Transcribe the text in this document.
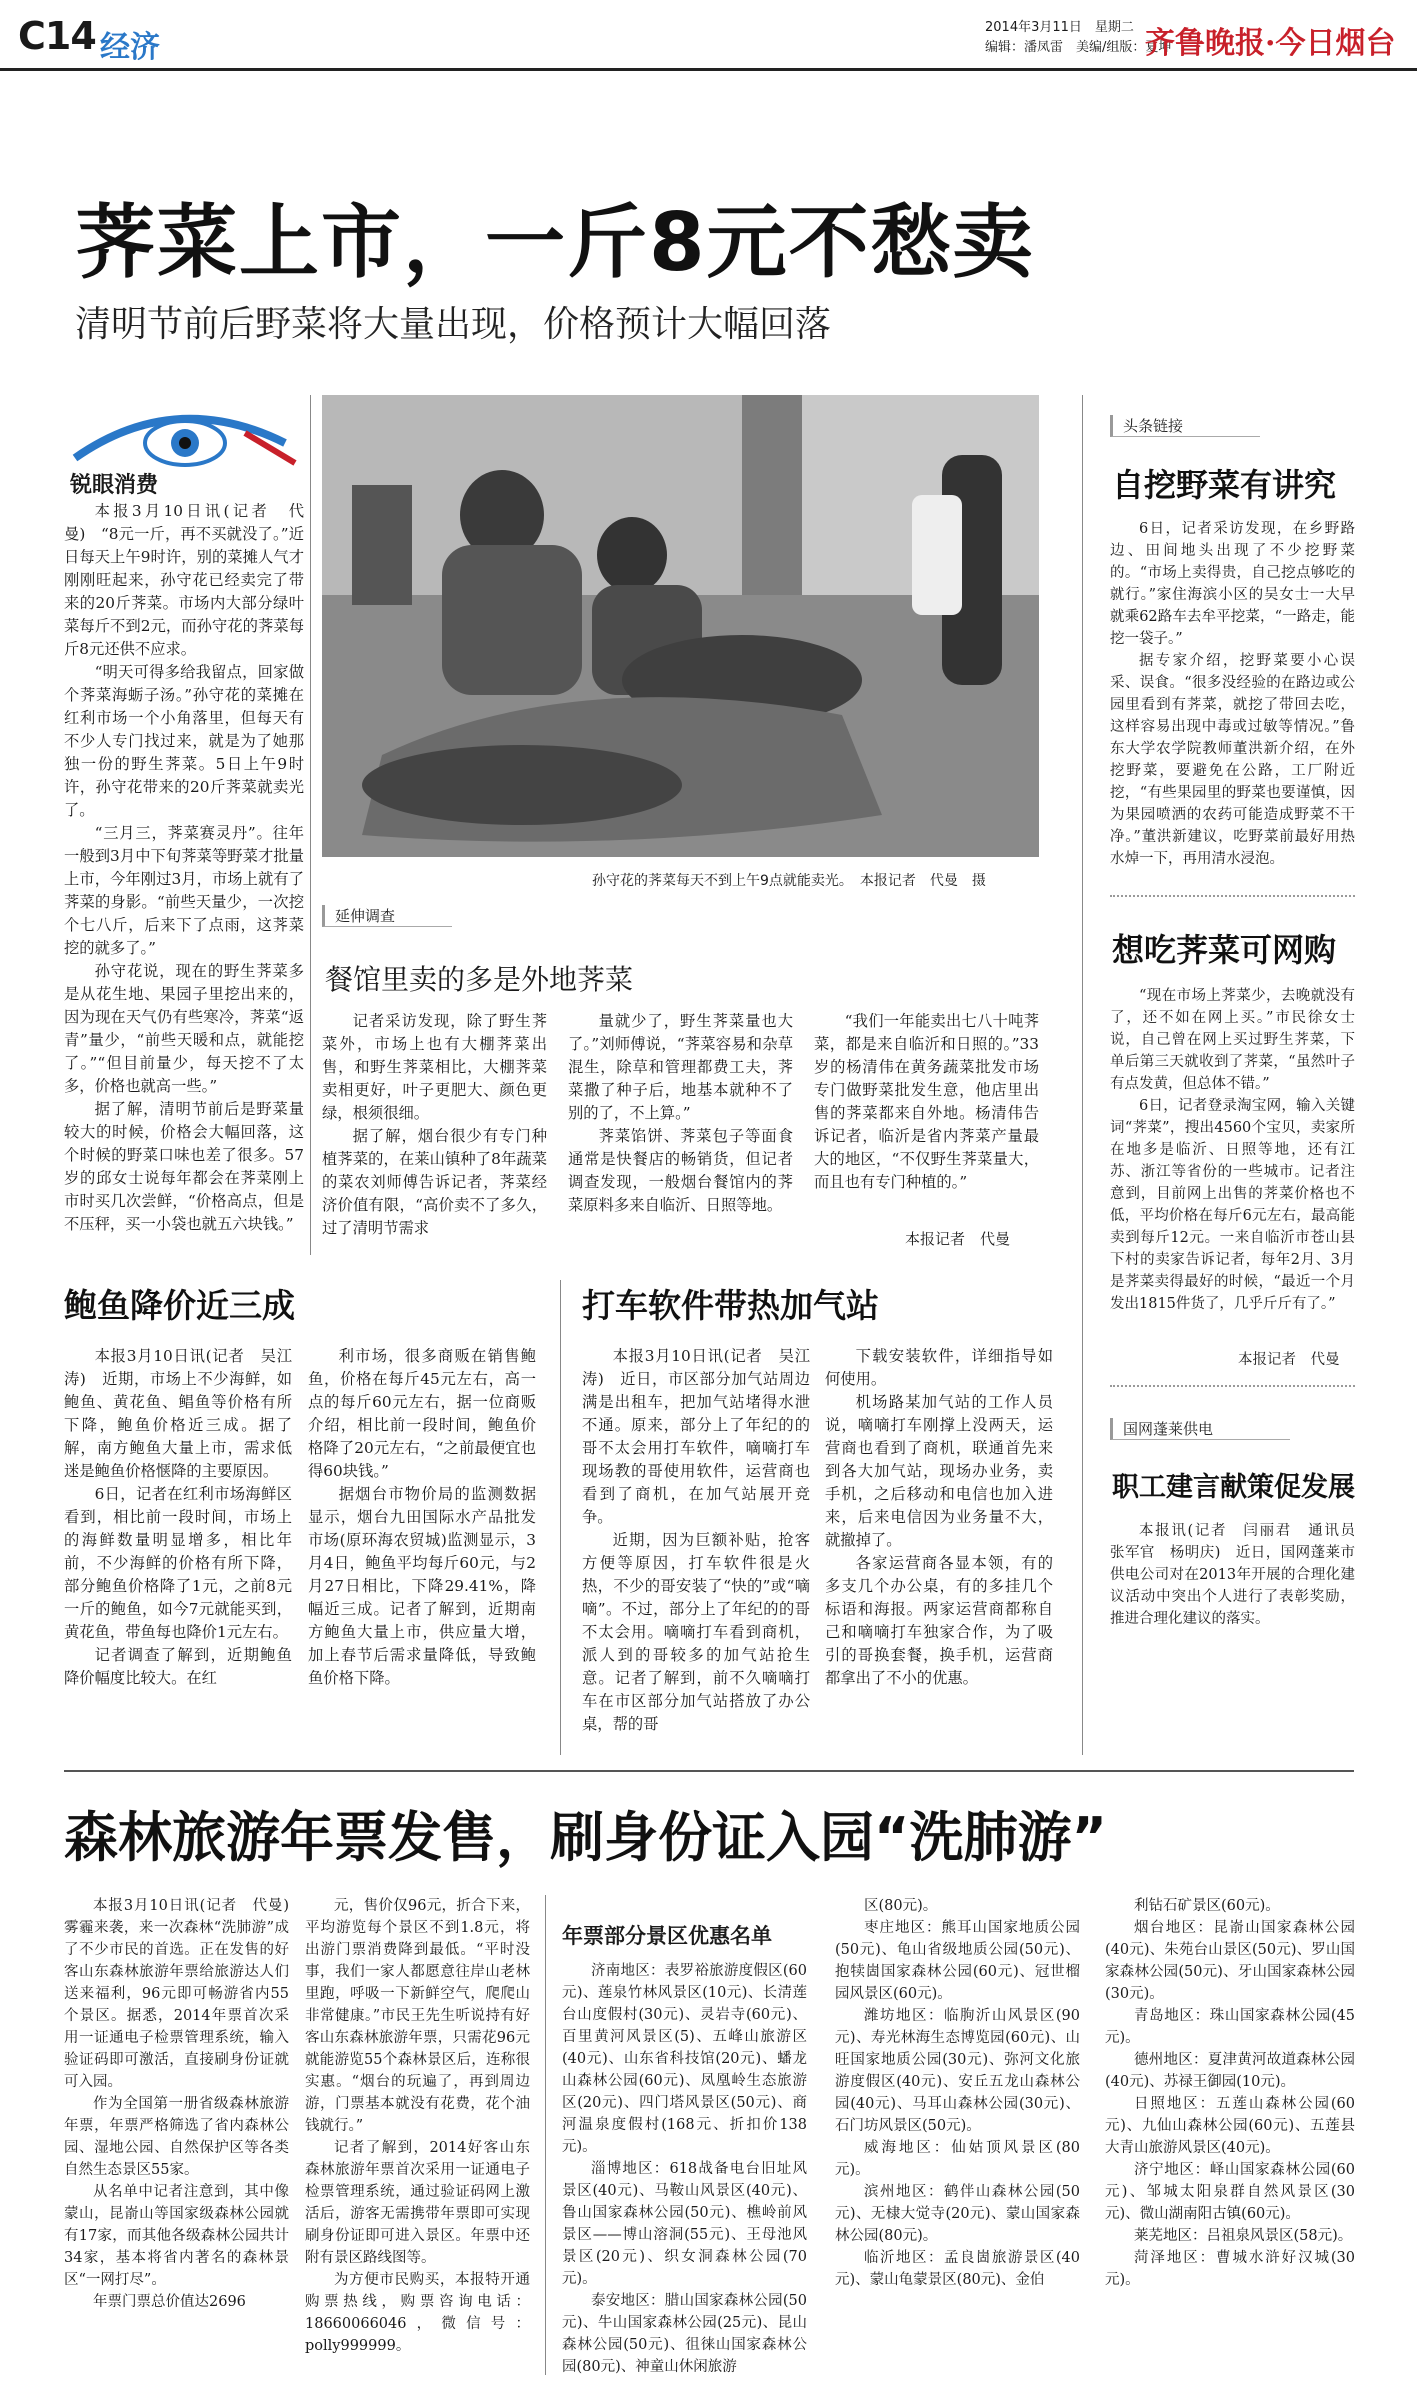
C14 经济
2014年3月11日　星期二
编辑：潘凤雷　美编/组版：夏坤
齐鲁晚报·今日烟台
荠菜上市，一斤8元不愁卖
清明节前后野菜将大量出现，价格预计大幅回落
锐眼消费

本报3月10日讯(记者　代曼)　“8元一斤，再不买就没了。”近日每天上午9时许，别的菜摊人气才刚刚旺起来，孙守花已经卖完了带来的20斤荠菜。市场内大部分绿叶菜每斤不到2元，而孙守花的荠菜每斤8元还供不应求。

“明天可得多给我留点，回家做个荠菜海蛎子汤。”孙守花的菜摊在红利市场一个小角落里，但每天有不少人专门找过来，就是为了她那独一份的野生荠菜。5日上午9时许，孙守花带来的20斤荠菜就卖光了。

“三月三，荠菜赛灵丹”。往年一般到3月中下旬荠菜等野菜才批量上市，今年刚过3月，市场上就有了荠菜的身影。“前些天量少，一次挖个七八斤，后来下了点雨，这荠菜挖的就多了。”

孙守花说，现在的野生荠菜多是从花生地、果园子里挖出来的，因为现在天气仍有些寒冷，荠菜“返青”量少，“前些天暖和点，就能挖了。”“但目前量少，每天挖不了太多，价格也就高一些。”

据了解，清明节前后是野菜量较大的时候，价格会大幅回落，这个时候的野菜口味也差了很多。57岁的邱女士说每年都会在荠菜刚上市时买几次尝鲜，“价格高点，但是不压秤，买一小袋也就五六块钱。”

孙守花的荠菜每天不到上午9点就能卖光。　本报记者　代曼　摄
延伸调查
餐馆里卖的多是外地荠菜

记者采访发现，除了野生荠菜外，市场上也有大棚荠菜出售，和野生荠菜相比，大棚荠菜卖相更好，叶子更肥大、颜色更绿，根须很细。

据了解，烟台很少有专门种植荠菜的，在莱山镇种了8年蔬菜的菜农刘师傅告诉记者，荠菜经济价值有限，“高价卖不了多久，过了清明节需求

量就少了，野生荠菜量也大了。”刘师傅说，“荠菜容易和杂草混生，除草和管理都费工夫，荠菜撒了种子后，地基本就种不了别的了，不上算。”

荠菜馅饼、荠菜包子等面食通常是快餐店的畅销货，但记者调查发现，一般烟台餐馆内的荠菜原料多来自临沂、日照等地。

“我们一年能卖出七八十吨荠菜，都是来自临沂和日照的。”33岁的杨清伟在黄务蔬菜批发市场专门做野菜批发生意，他店里出售的荠菜都来自外地。杨清伟告诉记者，临沂是省内荠菜产量最大的地区，“不仅野生荠菜量大，而且也有专门种植的。”

本报记者　代曼
头条链接
自挖野菜有讲究

6日，记者采访发现，在乡野路边、田间地头出现了不少挖野菜的。“市场上卖得贵，自己挖点够吃的就行。”家住海滨小区的吴女士一大早就乘62路车去牟平挖菜，“一路走，能挖一袋子。”

据专家介绍，挖野菜要小心误采、误食。“很多没经验的在路边或公园里看到有荠菜，就挖了带回去吃，这样容易出现中毒或过敏等情况。”鲁东大学农学院教师董洪新介绍，在外挖野菜，要避免在公路，工厂附近挖，“有些果园里的野菜也要谨慎，因为果园喷洒的农药可能造成野菜不干净。”董洪新建议，吃野菜前最好用热水焯一下，再用清水浸泡。

想吃荠菜可网购

“现在市场上荠菜少，去晚就没有了，还不如在网上买。”市民徐女士说，自己曾在网上买过野生荠菜，下单后第三天就收到了荠菜，“虽然叶子有点发黄，但总体不错。”

6日，记者登录淘宝网，输入关键词“荠菜”，搜出4560个宝贝，卖家所在地多是临沂、日照等地，还有江苏、浙江等省份的一些城市。记者注意到，目前网上出售的荠菜价格也不低，平均价格在每斤6元左右，最高能卖到每斤12元。一来自临沂市苍山县下村的卖家告诉记者，每年2月、3月是荠菜卖得最好的时候，“最近一个月发出1815件货了，几乎斤斤有了。”

本报记者　代曼
国网蓬莱供电
职工建言献策促发展

本报讯(记者　闫丽君　通讯员　张军官　杨明庆)　近日，国网蓬莱市供电公司对在2013年开展的合理化建议活动中突出个人进行了表彰奖励，推进合理化建议的落实。

鲍鱼降价近三成

本报3月10日讯(记者　吴江涛)　近期，市场上不少海鲜，如鲍鱼、黄花鱼、鲳鱼等价格有所下降，鲍鱼价格近三成。据了解，南方鲍鱼大量上市，需求低迷是鲍鱼价格惬降的主要原因。

6日，记者在红利市场海鲜区看到，相比前一段时间，市场上的海鲜数量明显增多，相比年前，不少海鲜的价格有所下降，部分鲍鱼价格降了1元，之前8元一斤的鲍鱼，如今7元就能买到，黄花鱼，带鱼每也降价1元左右。

记者调查了解到，近期鲍鱼降价幅度比较大。在红

利市场，很多商贩在销售鲍鱼，价格在每斤45元左右，高一点的每斤60元左右，据一位商贩介绍，相比前一段时间，鲍鱼价格降了20元左右，“之前最便宜也得60块钱。”

据烟台市物价局的监测数据显示，烟台九田国际水产品批发市场(原环海农贸城)监测显示，3月4日，鲍鱼平均每斤60元，与2月27日相比，下降29.41%，降幅近三成。记者了解到，近期南方鲍鱼大量上市，供应量大增，加上春节后需求量降低，导致鲍鱼价格下降。

打车软件带热加气站

本报3月10日讯(记者　吴江涛)　近日，市区部分加气站周边满是出租车，把加气站堵得水泄不通。原来，部分上了年纪的的哥不太会用打车软件，嘀嘀打车现场教的哥使用软件，运营商也看到了商机，在加气站展开竞争。

近期，因为巨额补贴，抢客方便等原因，打车软件很是火热，不少的哥安装了“快的”或“嘀嘀”。不过，部分上了年纪的的哥不太会用。嘀嘀打车看到商机，派人到的哥较多的加气站抢生意。记者了解到，前不久嘀嘀打车在市区部分加气站搭放了办公桌，帮的哥

下载安装软件，详细指导如何使用。

机场路某加气站的工作人员说，嘀嘀打车刚撑上没两天，运营商也看到了商机，联通首先来到各大加气站，现场办业务，卖手机，之后移动和电信也加入进来，后来电信因为业务量不大，就撤掉了。

各家运营商各显本领，有的多支几个办公桌，有的多挂几个标语和海报。两家运营商都称自己和嘀嘀打车独家合作，为了吸引的哥换套餐，换手机，运营商都拿出了不小的优惠。

森林旅游年票发售，刷身份证入园“洗肺游”

本报3月10日讯(记者　代曼)　雾霾来袭，来一次森林“洗肺游”成了不少市民的首选。正在发售的好客山东森林旅游年票给旅游达人们送来福利，96元即可畅游省内55个景区。据悉，2014年票首次采用一证通电子检票管理系统，输入验证码即可激活，直接刷身份证就可入园。

作为全国第一册省级森林旅游年票，年票严格筛选了省内森林公园、湿地公园、自然保护区等各类自然生态景区55家。

从名单中记者注意到，其中像蒙山，昆嵛山等国家级森林公园就有17家，而其他各级森林公园共计34家，基本将省内著名的森林景区“一网打尽”。

年票门票总价值达2696

元，售价仅96元，折合下来，平均游览每个景区不到1.8元，将出游门票消费降到最低。“平时没事，我们一家人都愿意往岸山老林里跑，呼吸一下新鲜空气，爬爬山非常健康。”市民王先生听说持有好客山东森林旅游年票，只需花96元就能游览55个森林景区后，连称很实惠。“烟台的玩遍了，再到周边游，门票基本就没有花费，花个油钱就行。”

记者了解到，2014好客山东森林旅游年票首次采用一证通电子检票管理系统，通过验证码网上激活后，游客无需携带年票即可实现刷身份证即可进入景区。年票中还附有景区路线图等。

为方便市民购买，本报特开通购票热线，购票咨询电话：18660066046，微信号：polly999999。

年票部分景区优惠名单

济南地区：表罗裕旅游度假区(60元)、莲泉竹林风景区(10元)、长清莲台山度假村(30元)、灵岩寺(60元)、百里黄河风景区(5)、五峰山旅游区(40元)、山东省科技馆(20元)、蟠龙山森林公园(60元)、凤凰岭生态旅游区(20元)、四门塔风景区(50元)、商河温泉度假村(168元、折扣价138元)。

淄博地区：618战备电台旧址风景区(40元)、马鞍山风景区(40元)、鲁山国家森林公园(50元)、樵岭前风景区——博山溶洞(55元)、王母池风景区(20元)、织女洞森林公园(70元)。

泰安地区：腊山国家森林公园(50元)、牛山国家森林公园(25元)、昆山森林公园(50元)、徂徕山国家森林公园(80元)、神童山休闲旅游

区(80元)。

枣庄地区：熊耳山国家地质公园(50元)、龟山省级地质公园(50元)、抱犊崮国家森林公园(60元)、冠世榴园风景区(60元)。

潍坊地区：临朐沂山风景区(90元)、寿光林海生态博览园(60元)、山旺国家地质公园(30元)、弥河文化旅游度假区(40元)、安丘五龙山森林公园(40元)、马耳山森林公园(30元)、石门坊风景区(50元)。

威海地区：仙姑顶风景区(80元)。

滨州地区：鹤伴山森林公园(50元)、无棣大觉寺(20元)、蒙山国家森林公园(80元)。

临沂地区：孟良崮旅游景区(40元)、蒙山龟蒙景区(80元)、金伯

利钻石矿景区(60元)。

烟台地区：昆嵛山国家森林公园(40元)、朱苑台山景区(50元)、罗山国家森林公园(50元)、牙山国家森林公园(30元)。

青岛地区：珠山国家森林公园(45元)。

德州地区：夏津黄河故道森林公园(40元)、苏禄王御园(10元)。

日照地区：五莲山森林公园(60元)、九仙山森林公园(60元)、五莲县大青山旅游风景区(40元)。

济宁地区：峄山国家森林公园(60元)、邹城太阳泉群自然风景区(30元)、微山湖南阳古镇(60元)。

莱芜地区：吕祖泉风景区(58元)。

菏泽地区：曹城水浒好汉城(30元)。
